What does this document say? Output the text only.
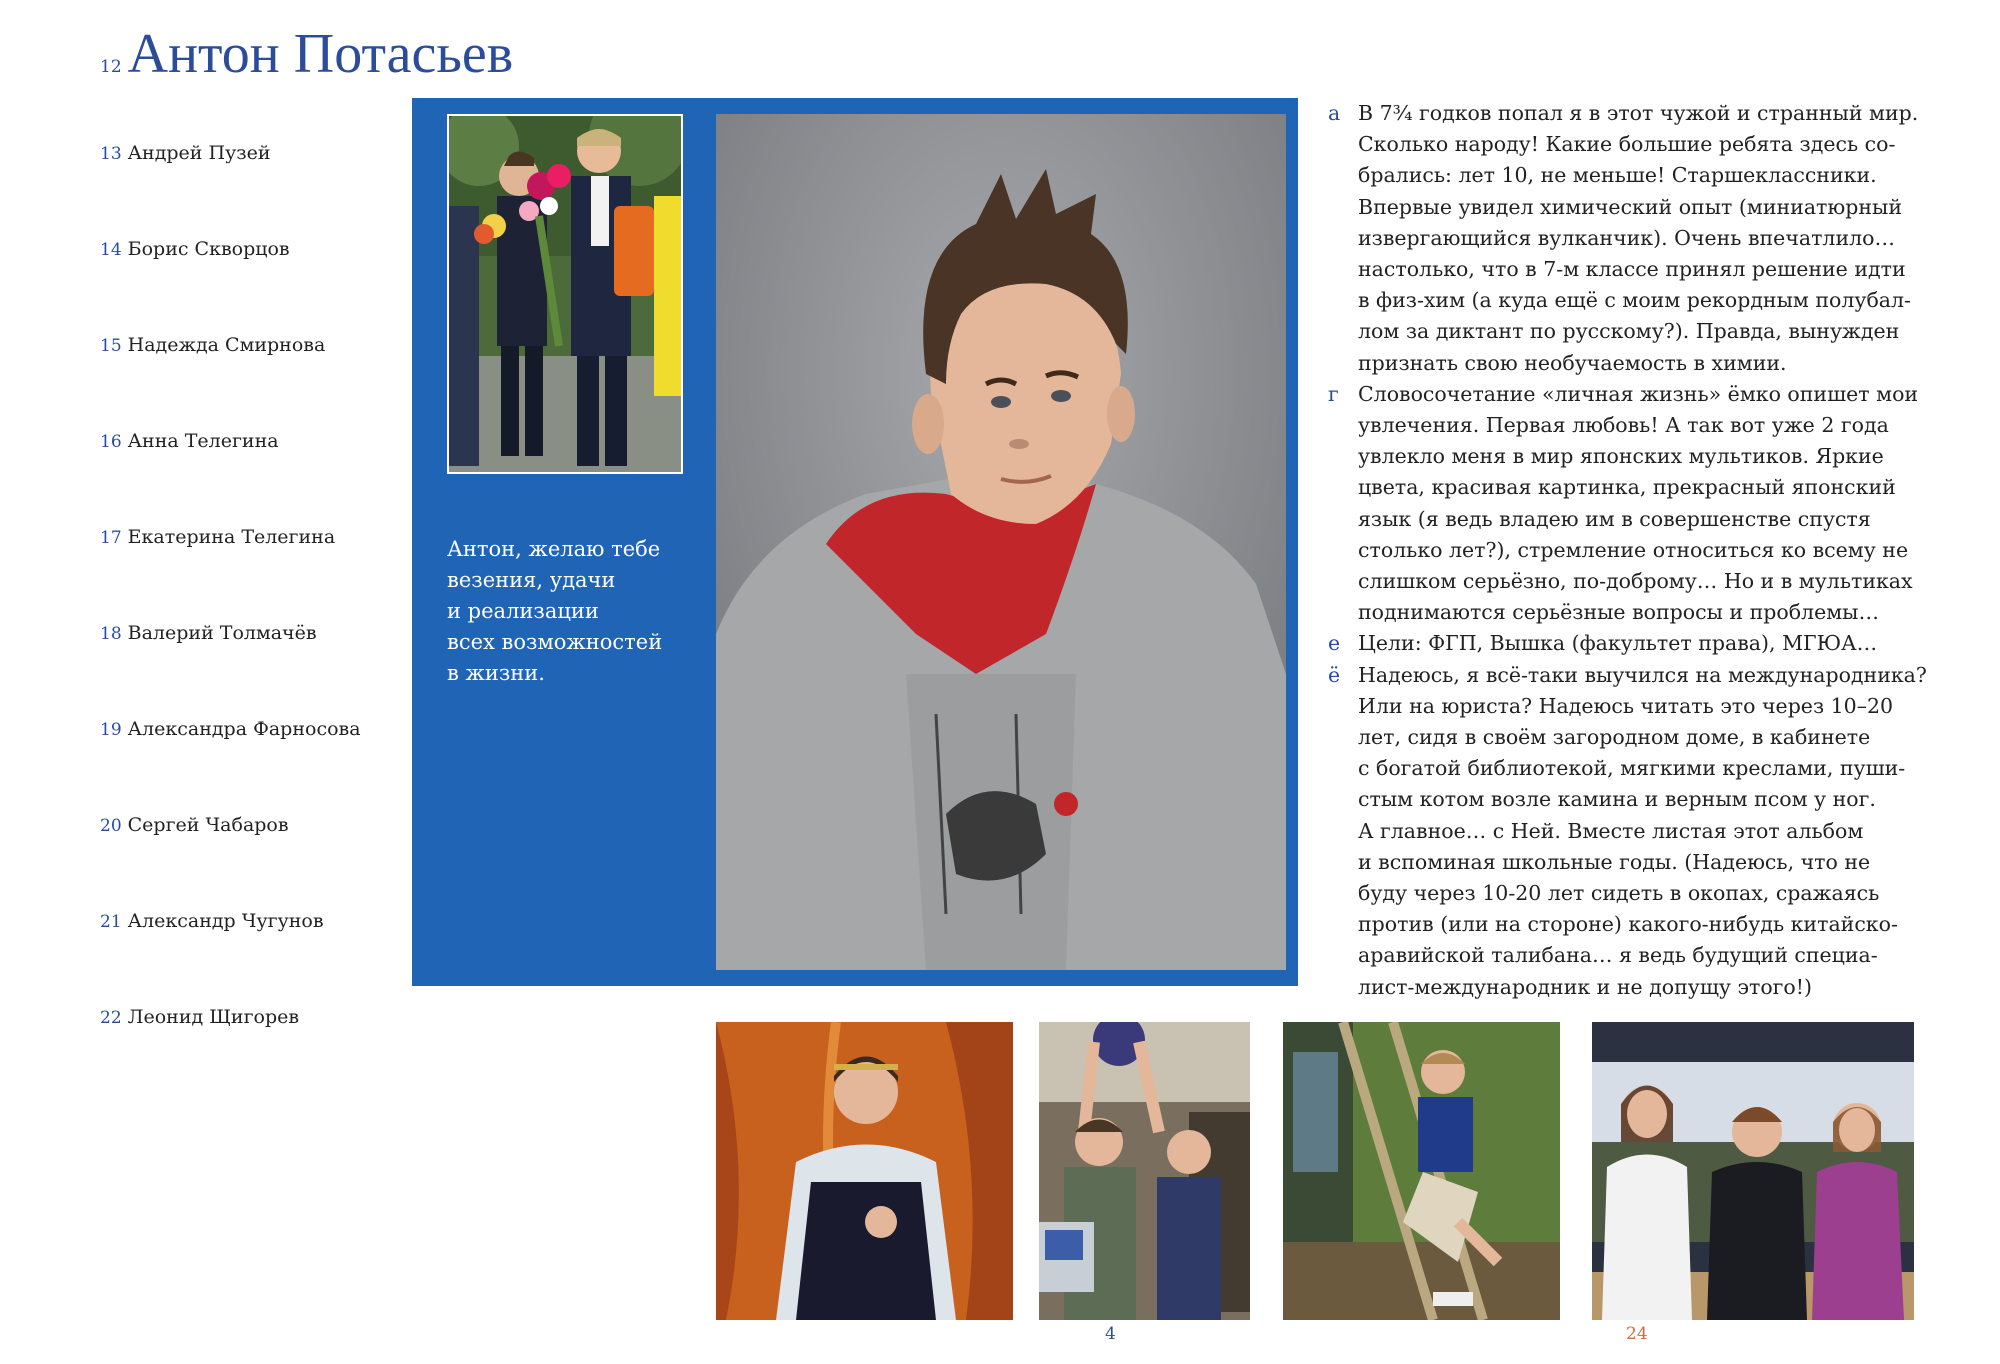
12 Антон Потасьев
13 Андрей Пузей
14 Борис Скворцов
15 Надежда Смирнова
16 Анна Телегина
17 Екатерина Телегина
18 Валерий Толмачёв
19 Александра Фарносова
20 Сергей Чабаров
21 Александр Чугунов
22 Леонид Щигорев
Антон, желаю тебе
везения, удачи
и реализации
всех возможностей
в жизни.
а В 7¾ годков попал я в этот чужой и странный мир.
Сколько народу! Какие большие ребята здесь со-
брались: лет 10, не меньше! Старшеклассники.
Впервые увидел химический опыт (миниатюрный
извергающийся вулканчик). Очень впечатлило…
настолько, что в 7-м классе принял решение идти
в физ-хим (а куда ещё с моим рекордным полубал-
лом за диктант по русскому?). Правда, вынужден
признать свою необучаемость в химии.
г Словосочетание «личная жизнь» ёмко опишет мои
увлечения. Первая любовь! А так вот уже 2 года
увлекло меня в мир японских мультиков. Яркие
цвета, красивая картинка, прекрасный японский
язык (я ведь владею им в совершенстве спустя
столько лет?), стремление относиться ко всему не
слишком серьёзно, по-доброму… Но и в мультиках
поднимаются серьёзные вопросы и проблемы…
е Цели: ФГП, Вышка (факультет права), МГЮА…
ё Надеюсь, я всё-таки выучился на международника?
Или на юриста? Надеюсь читать это через 10–20
лет, сидя в своём загородном доме, в кабинете
с богатой библиотекой, мягкими креслами, пуши-
стым котом возле камина и верным псом у ног.
А главное… с Ней. Вместе листая этот альбом
и вспоминая школьные годы. (Надеюсь, что не
буду через 10-20 лет сидеть в окопах, сражаясь
против (или на стороне) какого-нибудь китайско-
аравийской талибана… я ведь будущий специа-
лист-международник и не допущу этого!)
4	24
